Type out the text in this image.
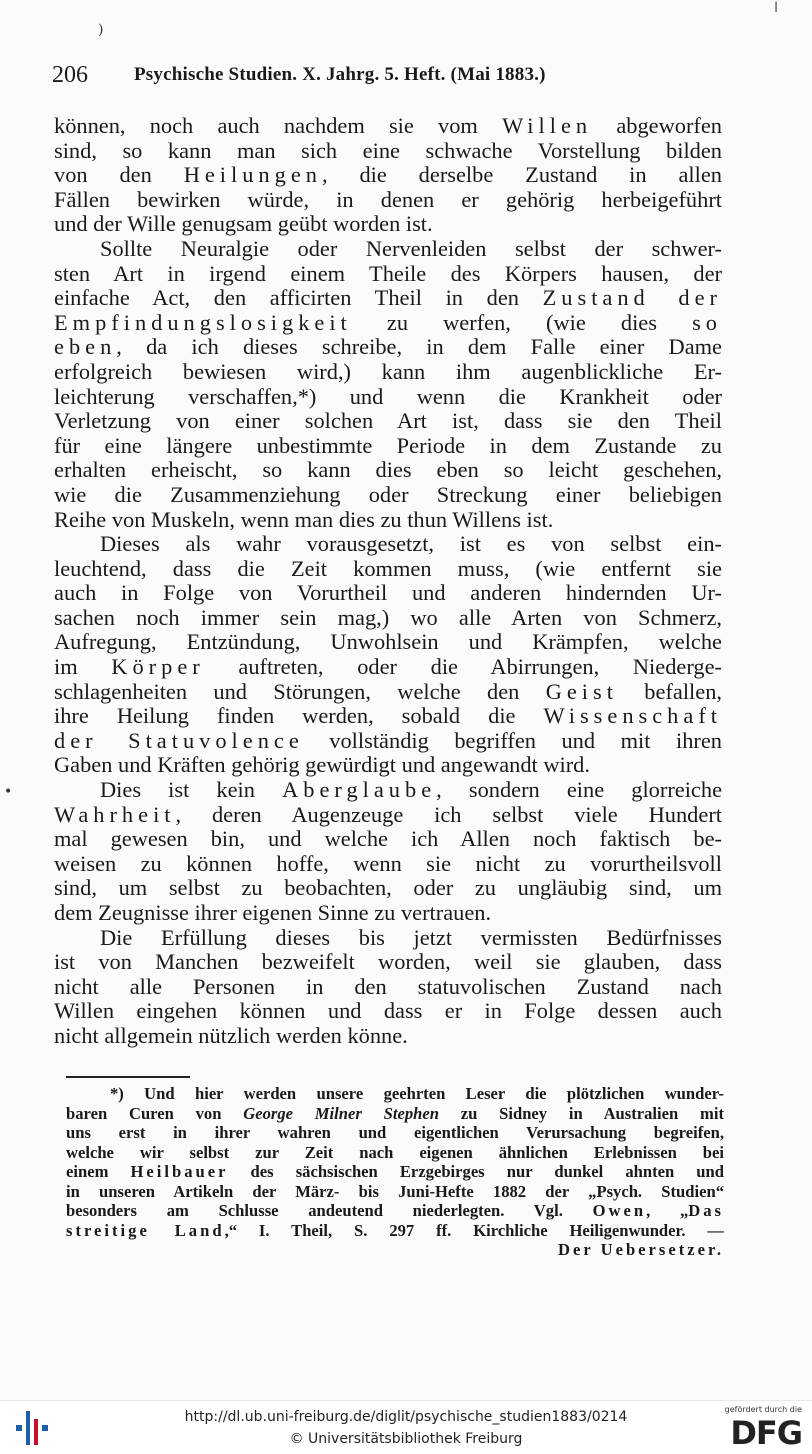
206 Psychische Studien. X. Jahrg. 5. Heft. (Mai 1883.)
)
ǀ
•
können, noch auch nachdem sie vom Willen abgeworfen
sind, so kann man sich eine schwache Vorstellung bilden
von den Heilungen, die derselbe Zustand in allen
Fällen bewirken würde, in denen er gehörig herbeigeführt
und der Wille genugsam geübt worden ist.
Sollte Neuralgie oder Nervenleiden selbst der schwer-
sten Art in irgend einem Theile des Körpers hausen, der
einfache Act, den afficirten Theil in den Zustand der
Empfindungslosigkeit zu werfen, (wie dies so
eben, da ich dieses schreibe, in dem Falle einer Dame
erfolgreich bewiesen wird,) kann ihm augenblickliche Er-
leichterung verschaffen,*) und wenn die Krankheit oder
Verletzung von einer solchen Art ist, dass sie den Theil
für eine längere unbestimmte Periode in dem Zustande zu
erhalten erheischt, so kann dies eben so leicht geschehen,
wie die Zusammenziehung oder Streckung einer beliebigen
Reihe von Muskeln, wenn man dies zu thun Willens ist.
Dieses als wahr vorausgesetzt, ist es von selbst ein-
leuchtend, dass die Zeit kommen muss, (wie entfernt sie
auch in Folge von Vorurtheil und anderen hindernden Ur-
sachen noch immer sein mag,) wo alle Arten von Schmerz,
Aufregung, Entzündung, Unwohlsein und Krämpfen, welche
im Körper auftreten, oder die Abirrungen, Niederge-
schlagenheiten und Störungen, welche den Geist befallen,
ihre Heilung finden werden, sobald die Wissenschaft
der Statuvolence vollständig begriffen und mit ihren
Gaben und Kräften gehörig gewürdigt und angewandt wird.
Dies ist kein Aberglaube, sondern eine glorreiche
Wahrheit, deren Augenzeuge ich selbst viele Hundert
mal gewesen bin, und welche ich Allen noch faktisch be-
weisen zu können hoffe, wenn sie nicht zu vorurtheilsvoll
sind, um selbst zu beobachten, oder zu ungläubig sind, um
dem Zeugnisse ihrer eigenen Sinne zu vertrauen.
Die Erfüllung dieses bis jetzt vermissten Bedürfnisses
ist von Manchen bezweifelt worden, weil sie glauben, dass
nicht alle Personen in den statuvolischen Zustand nach
Willen eingehen können und dass er in Folge dessen auch
nicht allgemein nützlich werden könne.
*) Und hier werden unsere geehrten Leser die plötzlichen wunder-
baren Curen von George Milner Stephen zu Sidney in Australien mit
uns erst in ihrer wahren und eigentlichen Verursachung begreifen,
welche wir selbst zur Zeit nach eigenen ähnlichen Erlebnissen bei
einem Heilbauer des sächsischen Erzgebirges nur dunkel ahnten und
in unseren Artikeln der März- bis Juni-Hefte 1882 der „Psych. Studien“
besonders am Schlusse andeutend niederlegten. Vgl. Owen, „Das
streitige Land,“ I. Theil, S. 297 ff. Kirchliche Heiligenwunder. —
Der Uebersetzer.
http://dl.ub.uni-freiburg.de/diglit/psychische_studien1883/0214
© Universitätsbibliothek Freiburg
gefördert durch die
DFG
